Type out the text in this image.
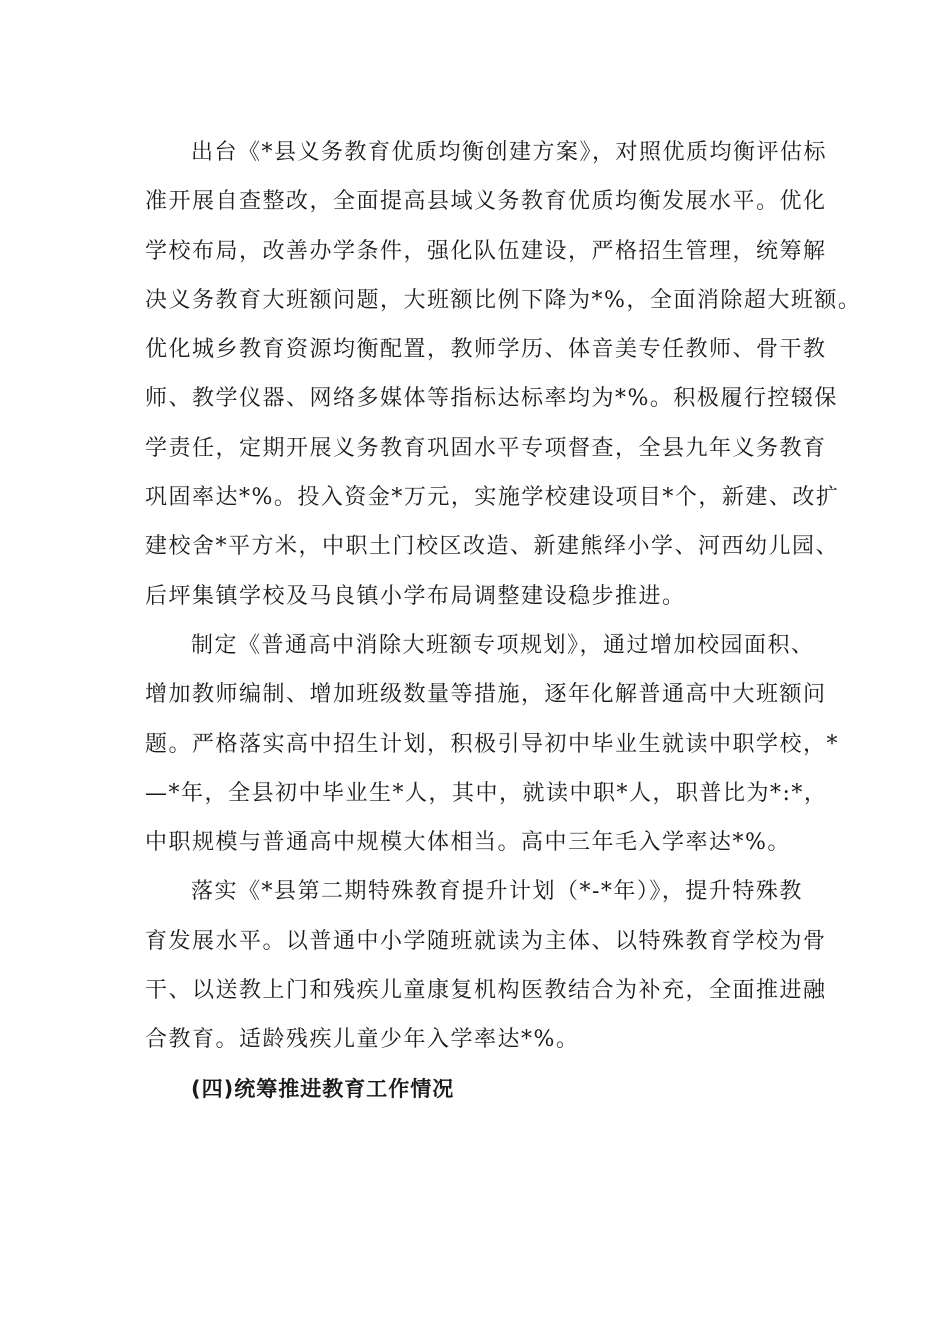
出台《*县义务教育优质均衡创建方案》，对照优质均衡评估标
准开展自查整改，全面提高县域义务教育优质均衡发展水平。优化
学校布局，改善办学条件，强化队伍建设，严格招生管理，统筹解
决义务教育大班额问题，大班额比例下降为*%，全面消除超大班额。
优化城乡教育资源均衡配置，教师学历、体音美专任教师、骨干教
师、教学仪器、网络多媒体等指标达标率均为*%。积极履行控辍保
学责任，定期开展义务教育巩固水平专项督查，全县九年义务教育
巩固率达*%。投入资金*万元，实施学校建设项目*个，新建、改扩
建校舍*平方米，中职土门校区改造、新建熊绎小学、河西幼儿园、
后坪集镇学校及马良镇小学布局调整建设稳步推进。
制定《普通高中消除大班额专项规划》，通过增加校园面积、
增加教师编制、增加班级数量等措施，逐年化解普通高中大班额问
题。严格落实高中招生计划，积极引导初中毕业生就读中职学校，*
—*年，全县初中毕业生*人，其中，就读中职*人，职普比为*:*，
中职规模与普通高中规模大体相当。高中三年毛入学率达*%。
落实《*县第二期特殊教育提升计划（*-*年）》，提升特殊教
育发展水平。以普通中小学随班就读为主体、以特殊教育学校为骨
干、以送教上门和残疾儿童康复机构医教结合为补充，全面推进融
合教育。适龄残疾儿童少年入学率达*%。
(四)统筹推进教育工作情况
